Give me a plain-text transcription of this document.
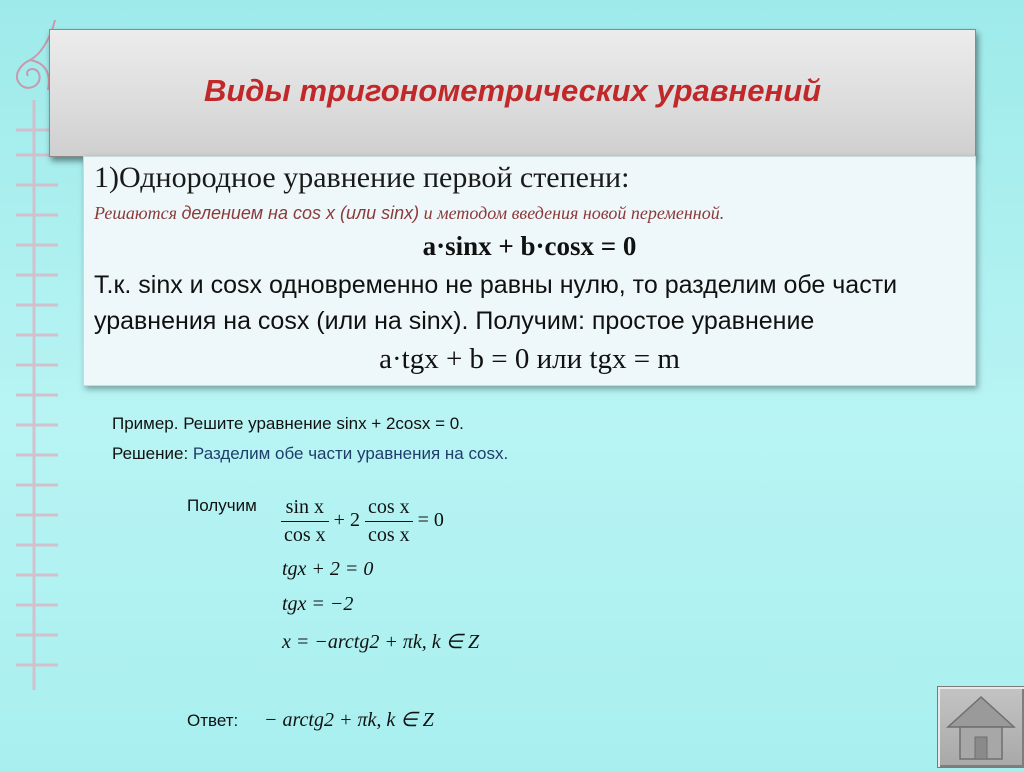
Виды тригонометрических уравнений
1)Однородное уравнение первой степени:
Решаются делением на cos x (или sinx) и методом введения новой переменной.
a·sinx + b·cosx = 0
Т.к. sinx и cosx одновременно не равны нулю, то разделим обе части
уравнения на cosx (или на sinx). Получим: простое уравнение
a·tgx + b = 0 или tgx = m
Пример. Решите уравнение sinx + 2cosx = 0.
Решение: Разделим обе части уравнения на cosx.
Получим $\frac{\text{sin x}}{\text{cos x}} + 2 \frac{\text{cos x}}{\text{cos x}} = 0$
tgx + 2 = 0
tgx = −2
x = −arctg2 + πk, k ∈ Z
Ответ: − arctg2 + πk, k ∈ Z
